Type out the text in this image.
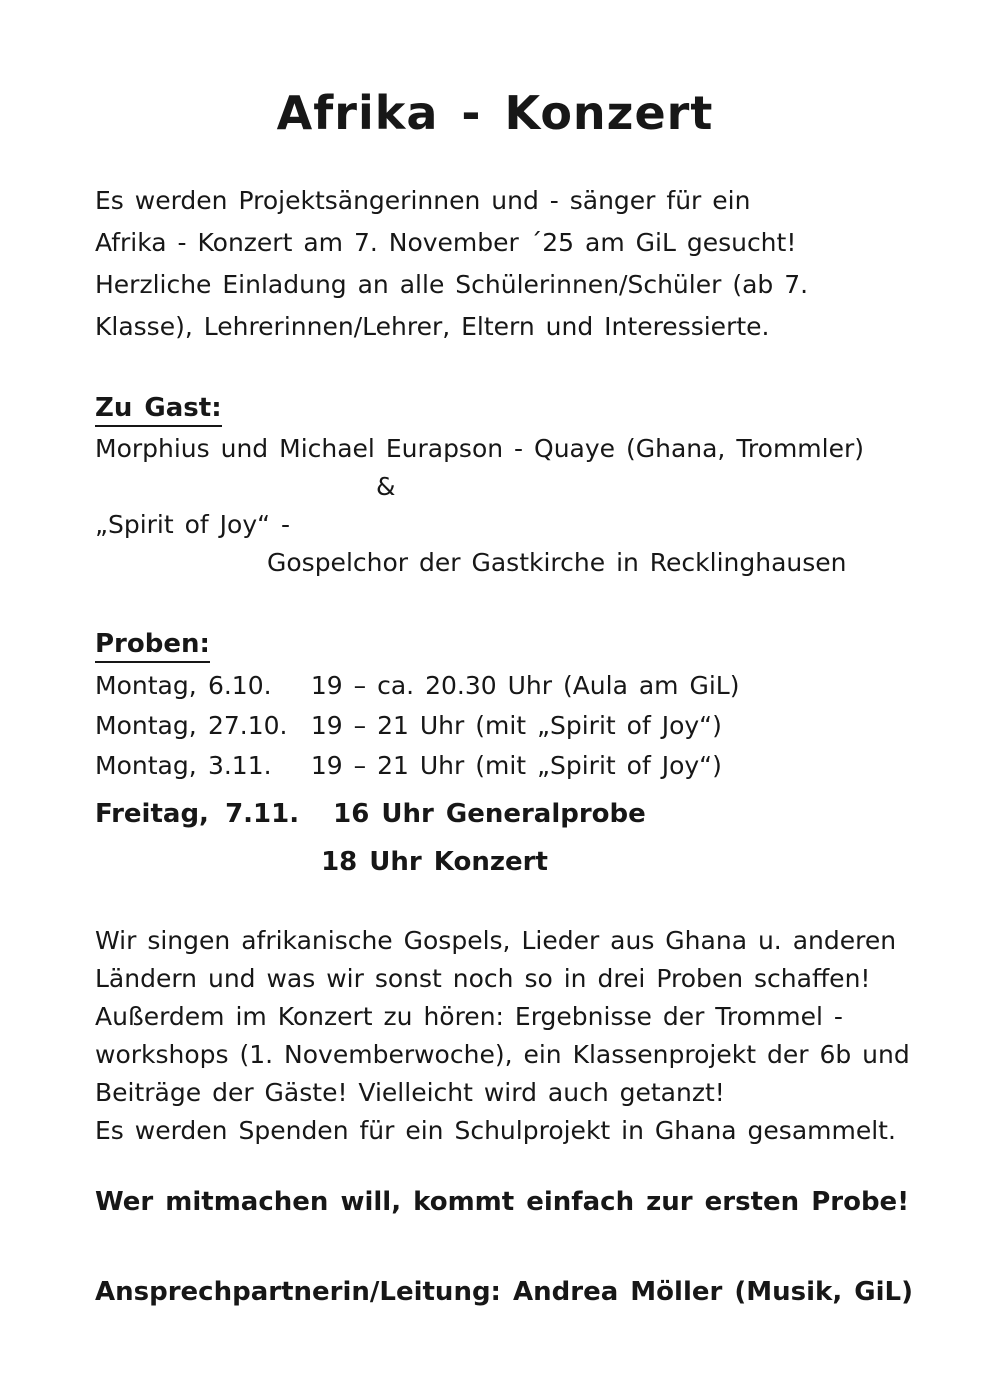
Afrika - Konzert
Es werden Projektsängerinnen und - sänger für ein
Afrika - Konzert am 7. November ´25 am GiL gesucht!
Herzliche Einladung an alle Schülerinnen/Schüler (ab 7.
Klasse), Lehrerinnen/Lehrer, Eltern und Interessierte.
Zu Gast:
Morphius und Michael Eurapson - Quaye (Ghana, Trommler)
&
„Spirit of Joy“ -
Gospelchor der Gastkirche in Recklinghausen
Proben:
Montag, 6.10. 19 – ca. 20.30 Uhr (Aula am GiL)
Montag, 27.10. 19 – 21 Uhr (mit „Spirit of Joy“)
Montag, 3.11. 19 – 21 Uhr (mit „Spirit of Joy“)
Freitag, 7.11. 16 Uhr Generalprobe
18 Uhr Konzert
Wir singen afrikanische Gospels, Lieder aus Ghana u. anderen
Ländern und was wir sonst noch so in drei Proben schaffen!
Außerdem im Konzert zu hören: Ergebnisse der Trommel -
workshops (1. Novemberwoche), ein Klassenprojekt der 6b und
Beiträge der Gäste! Vielleicht wird auch getanzt!
Es werden Spenden für ein Schulprojekt in Ghana gesammelt.
Wer mitmachen will, kommt einfach zur ersten Probe!
Ansprechpartnerin/Leitung: Andrea Möller (Musik, GiL)
